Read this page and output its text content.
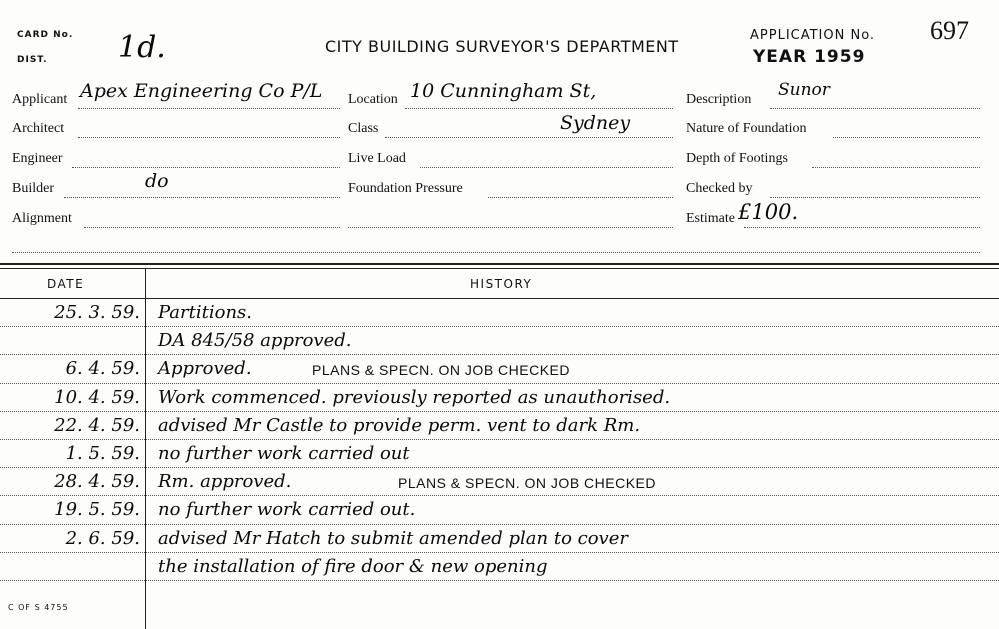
CARD No.
DIST. 1d.	CITY BUILDING SURVEYOR'S DEPARTMENT
APPLICATION No. 697
YEAR 1959
Applicant Apex Engineering Co P/L Location 10 Cunningham St,	Description Sunor
Architect	Class	Sydney	Nature of Foundation
Engineer	Live Load	Depth of Footings
Builder	do	Foundation Pressure	Checked by
Alignment	Estimate £100.
DATE	HISTORY
25. 3. 59. Partitions.
DA 845/58 approved.
6. 4. 59. Approved.	PLANS & SPECN. ON JOB CHECKED
10. 4. 59. Work commenced. previously reported as unauthorised.
22. 4. 59. advised Mr Castle to provide perm. vent to dark Rm.
1. 5. 59. no further work carried out
28. 4. 59. Rm. approved.	PLANS & SPECN. ON JOB CHECKED
19. 5. 59. no further work carried out.
2. 6. 59. advised Mr Hatch to submit amended plan to cover
the installation of fire door & new opening
C OF S 4755
